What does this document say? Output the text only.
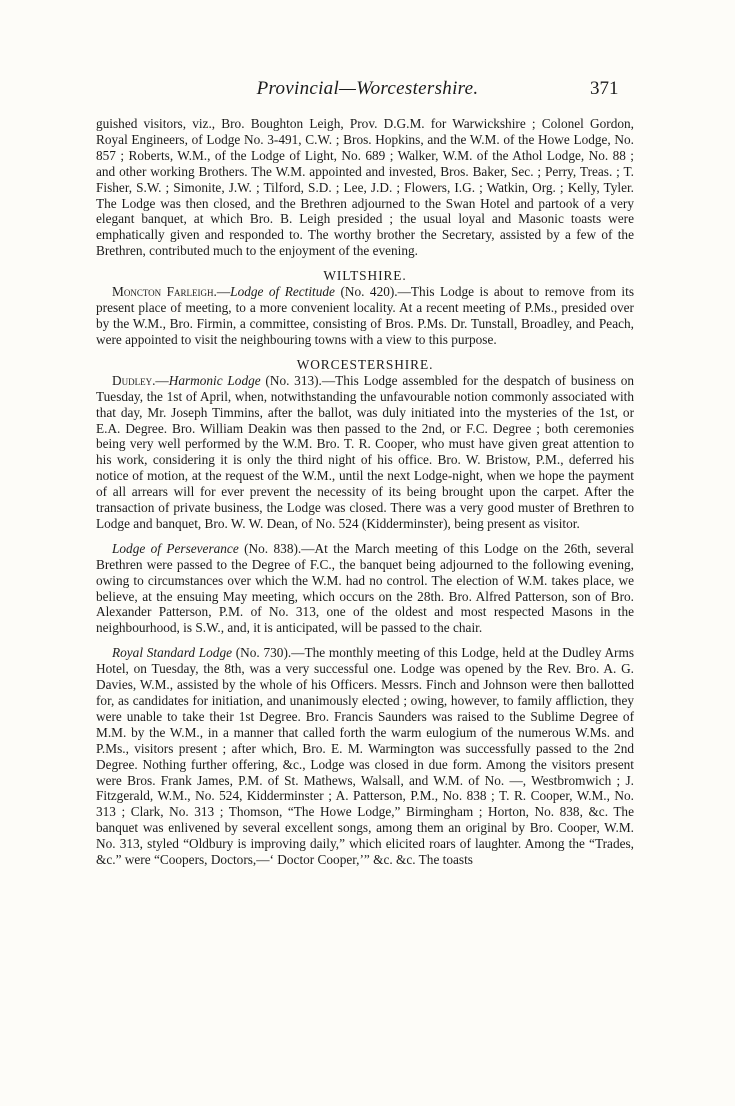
Provincial—Worcestershire.	371

guished visitors, viz., Bro. Boughton Leigh, Prov. D.G.M. for Warwickshire ; Colonel Gordon, Royal Engineers, of Lodge No. 3-491, C.W. ; Bros. Hopkins, and the W.M. of the Howe Lodge, No. 857 ; Roberts, W.M., of the Lodge of Light, No. 689 ; Walker, W.M. of the Athol Lodge, No. 88 ; and other working Brothers. The W.M. appointed and invested, Bros. Baker, Sec. ; Perry, Treas. ; T. Fisher, S.W. ; Simonite, J.W. ; Tilford, S.D. ; Lee, J.D. ; Flowers, I.G. ; Watkin, Org. ; Kelly, Tyler. The Lodge was then closed, and the Brethren adjourned to the Swan Hotel and partook of a very elegant banquet, at which Bro. B. Leigh presided ; the usual loyal and Masonic toasts were emphatically given and responded to. The worthy brother the Secretary, assisted by a few of the Brethren, contributed much to the enjoyment of the evening.

WILTSHIRE.

Moncton Farleigh.—Lodge of Rectitude (No. 420).—This Lodge is about to remove from its present place of meeting, to a more convenient locality. At a recent meeting of P.Ms., presided over by the W.M., Bro. Firmin, a committee, consisting of Bros. P.Ms. Dr. Tunstall, Broadley, and Peach, were appointed to visit the neighbouring towns with a view to this purpose.

WORCESTERSHIRE.

Dudley.—Harmonic Lodge (No. 313).—This Lodge assembled for the despatch of business on Tuesday, the 1st of April, when, notwithstanding the unfavourable notion commonly associated with that day, Mr. Joseph Timmins, after the ballot, was duly initiated into the mysteries of the 1st, or E.A. Degree. Bro. William Deakin was then passed to the 2nd, or F.C. Degree ; both ceremonies being very well performed by the W.M. Bro. T. R. Cooper, who must have given great attention to his work, considering it is only the third night of his office. Bro. W. Bristow, P.M., deferred his notice of motion, at the request of the W.M., until the next Lodge-night, when we hope the payment of all arrears will for ever prevent the necessity of its being brought upon the carpet. After the transaction of private business, the Lodge was closed. There was a very good muster of Brethren to Lodge and banquet, Bro. W. W. Dean, of No. 524 (Kidderminster), being present as visitor.

Lodge of Perseverance (No. 838).—At the March meeting of this Lodge on the 26th, several Brethren were passed to the Degree of F.C., the banquet being adjourned to the following evening, owing to circumstances over which the W.M. had no control. The election of W.M. takes place, we believe, at the ensuing May meeting, which occurs on the 28th. Bro. Alfred Patterson, son of Bro. Alexander Patterson, P.M. of No. 313, one of the oldest and most respected Masons in the neighbourhood, is S.W., and, it is anticipated, will be passed to the chair.

Royal Standard Lodge (No. 730).—The monthly meeting of this Lodge, held at the Dudley Arms Hotel, on Tuesday, the 8th, was a very successful one. Lodge was opened by the Rev. Bro. A. G. Davies, W.M., assisted by the whole of his Officers. Messrs. Finch and Johnson were then ballotted for, as candidates for initiation, and unanimously elected ; owing, however, to family affliction, they were unable to take their 1st Degree. Bro. Francis Saunders was raised to the Sublime Degree of M.M. by the W.M., in a manner that called forth the warm eulogium of the numerous W.Ms. and P.Ms., visitors present ; after which, Bro. E. M. Warmington was successfully passed to the 2nd Degree. Nothing further offering, &c., Lodge was closed in due form. Among the visitors present were Bros. Frank James, P.M. of St. Mathews, Walsall, and W.M. of No. —, Westbromwich ; J. Fitzgerald, W.M., No. 524, Kidderminster ; A. Patterson, P.M., No. 838 ; T. R. Cooper, W.M., No. 313 ; Clark, No. 313 ; Thomson, “The Howe Lodge,” Birmingham ; Horton, No. 838, &c. The banquet was enlivened by several excellent songs, among them an original by Bro. Cooper, W.M. No. 313, styled “Oldbury is improving daily,” which elicited roars of laughter. Among the “Trades, &c.” were “Coopers, Doctors,—‘ Doctor Cooper,’” &c. &c. The toasts
